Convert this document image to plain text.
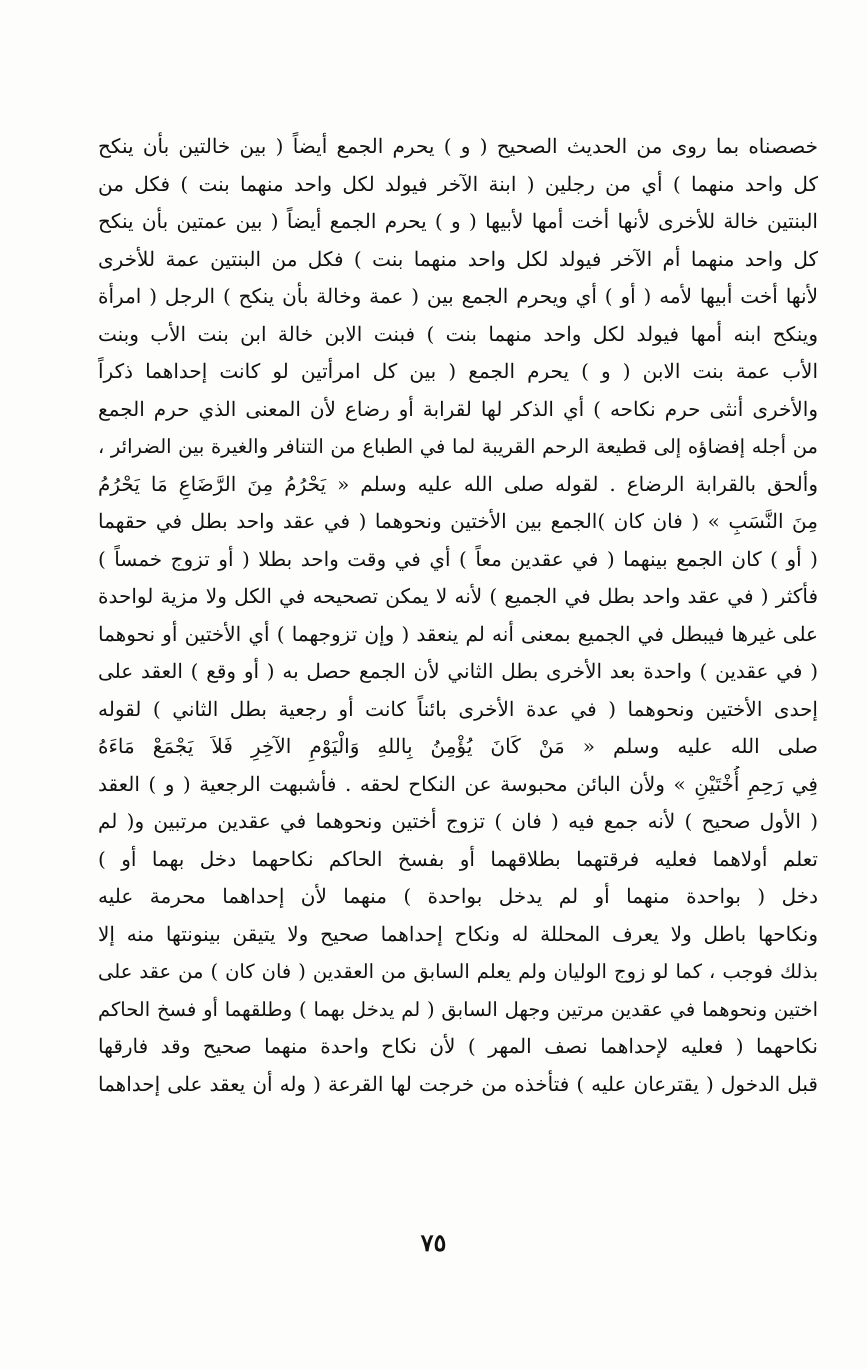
خصصناه بما روى من الحديث الصحيح ( و ) يحرم الجمع أيضاً ( بين خالتين بأن ينكح
كل واحد منهما ) أي من رجلين ( ابنة الآخر فيولد لكل واحد منهما بنت ) فكل من
البنتين خالة للأخرى لأنها أخت أمها لأبيها ( و ) يحرم الجمع أيضاً ( بين عمتين بأن ينكح
كل واحد منهما أم الآخر فيولد لكل واحد منهما بنت ) فكل من البنتين عمة للأخرى
لأنها أخت أبيها لأمه ( أو ) أي ويحرم الجمع بين ( عمة وخالة بأن ينكح ) الرجل ( امرأة
وينكح ابنه أمها فيولد لكل واحد منهما بنت ) فبنت الابن خالة ابن بنت الأب وبنت
الأب عمة بنت الابن ( و ) يحرم الجمع ( بين كل امرأتين لو كانت إحداهما ذكراً
والأخرى أنثى حرم نكاحه ) أي الذكر لها لقرابة أو رضاع لأن المعنى الذي حرم الجمع
من أجله إفضاؤه إلى قطيعة الرحم القريبة لما في الطباع من التنافر والغيرة بين الضرائر ،
وألحق بالقرابة الرضاع . لقوله صلى الله عليه وسلم « يَحْرُمُ مِنَ الرَّضَاعِ مَا يَحْرُمُ
مِنَ النَّسَبِ » ( فان كان )الجمع بين الأختين ونحوهما ( في عقد واحد بطل في حقهما
( أو ) كان الجمع بينهما ( في عقدين معاً ) أي في وقت واحد بطلا ( أو تزوج خمساً )
فأكثر ( في عقد واحد بطل في الجميع ) لأنه لا يمكن تصحيحه في الكل ولا مزية لواحدة
على غيرها فيبطل في الجميع بمعنى أنه لم ينعقد ( وإن تزوجهما ) أي الأختين أو نحوهما
( في عقدين ) واحدة بعد الأخرى بطل الثاني لأن الجمع حصل به ( أو وقع ) العقد على
إحدى الأختين ونحوهما ( في عدة الأخرى بائناً كانت أو رجعية بطل الثاني ) لقوله
صلى الله عليه وسلم « مَنْ كَانَ يُؤْمِنُ بِاللهِ وَالْيَوْمِ الآخِرِ فَلاَ يَجْمَعْ مَاءَهُ
فِي رَحِمِ أُخْتَيْنِ » ولأن البائن محبوسة عن النكاح لحقه . فأشبهت الرجعية ( و ) العقد
( الأول صحيح ) لأنه جمع فيه ( فان ) تزوج أختين ونحوهما في عقدين مرتبين و( لم
تعلم أولاهما فعليه فرقتهما بطلاقهما أو بفسخ الحاكم نكاحهما دخل بهما أو )
دخل ( بواحدة منهما أو لم يدخل بواحدة ) منهما لأن إحداهما محرمة عليه
ونكاحها باطل ولا يعرف المحللة له ونكاح إحداهما صحيح ولا يتيقن بينونتها منه إلا
بذلك فوجب ، كما لو زوج الوليان ولم يعلم السابق من العقدين ( فان كان ) من عقد على
اختين ونحوهما في عقدين مرتين وجهل السابق ( لم يدخل بهما ) وطلقهما أو فسخ الحاكم
نكاحهما ( فعليه لإحداهما نصف المهر ) لأن نكاح واحدة منهما صحيح وقد فارقها
قبل الدخول ( يقترعان عليه ) فتأخذه من خرجت لها القرعة ( وله أن يعقد على إحداهما
٧٥
